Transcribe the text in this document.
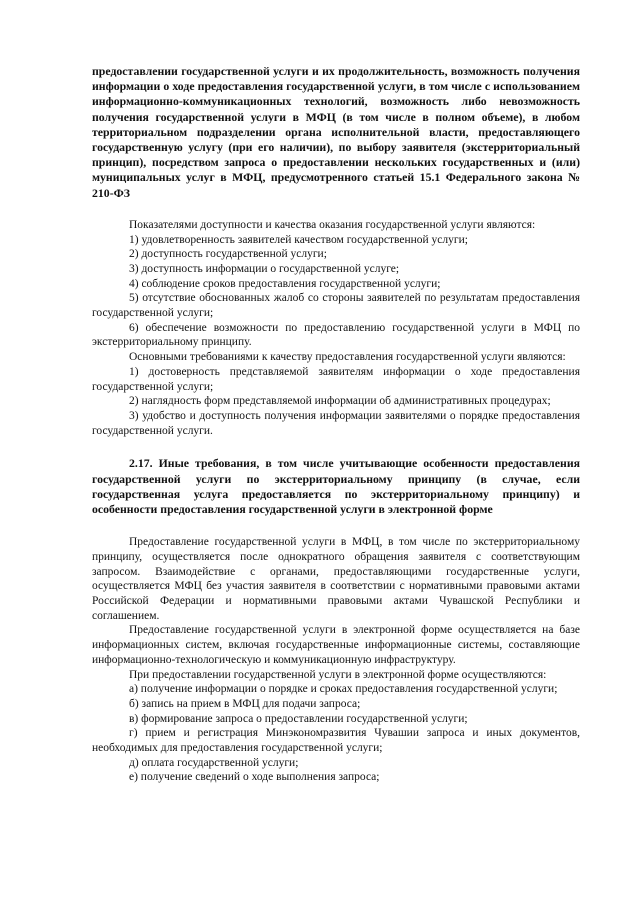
предоставлении государственной услуги и их продолжительность, возможность получения информации о ходе предоставления государственной услуги, в том числе с использованием информационно-коммуникационных технологий, возможность либо невозможность получения государственной услуги в МФЦ (в том числе в полном объеме), в любом территориальном подразделении органа исполнительной власти, предоставляющего государственную услугу (при его наличии), по выбору заявителя (экстерриториальный принцип), посредством запроса о предоставлении нескольких государственных и (или) муниципальных услуг в МФЦ, предусмотренного статьей 15.1 Федерального закона № 210-ФЗ

Показателями доступности и качества оказания государственной услуги являются:

1) удовлетворенность заявителей качеством государственной услуги;

2) доступность государственной услуги;

3) доступность информации о государственной услуге;

4) соблюдение сроков предоставления государственной услуги;

5) отсутствие обоснованных жалоб со стороны заявителей по результатам предоставления государственной услуги;

6) обеспечение возможности по предоставлению государственной услуги в МФЦ по экстерриториальному принципу.

Основными требованиями к качеству предоставления государственной услуги являются:

1) достоверность представляемой заявителям информации о ходе предоставления государственной услуги;

2) наглядность форм представляемой информации об административных процедурах;

3) удобство и доступность получения информации заявителями о порядке предоставления государственной услуги.

2.17. Иные требования, в том числе учитывающие особенности предоставления государственной услуги по экстерриториальному принципу (в случае, если государственная услуга предоставляется по экстерриториальному принципу) и особенности предоставления государственной услуги в электронной форме

Предоставление государственной услуги в МФЦ, в том числе по экстерриториальному принципу, осуществляется после однократного обращения заявителя с соответствующим запросом. Взаимодействие с органами, предоставляющими государственные услуги, осуществляется МФЦ без участия заявителя в соответствии с нормативными правовыми актами Российской Федерации и нормативными правовыми актами Чувашской Республики и соглашением.

Предоставление государственной услуги в электронной форме осуществляется на базе информационных систем, включая государственные информационные системы, составляющие информационно-технологическую и коммуникационную инфраструктуру.

При предоставлении государственной услуги в электронной форме осуществляются:

а) получение информации о порядке и сроках предоставления государственной услуги;

б) запись на прием в МФЦ для подачи запроса;

в) формирование запроса о предоставлении государственной услуги;

г) прием и регистрация Минэкономразвития Чувашии запроса и иных документов, необходимых для предоставления государственной услуги;

д) оплата государственной услуги;

е) получение сведений о ходе выполнения запроса;
